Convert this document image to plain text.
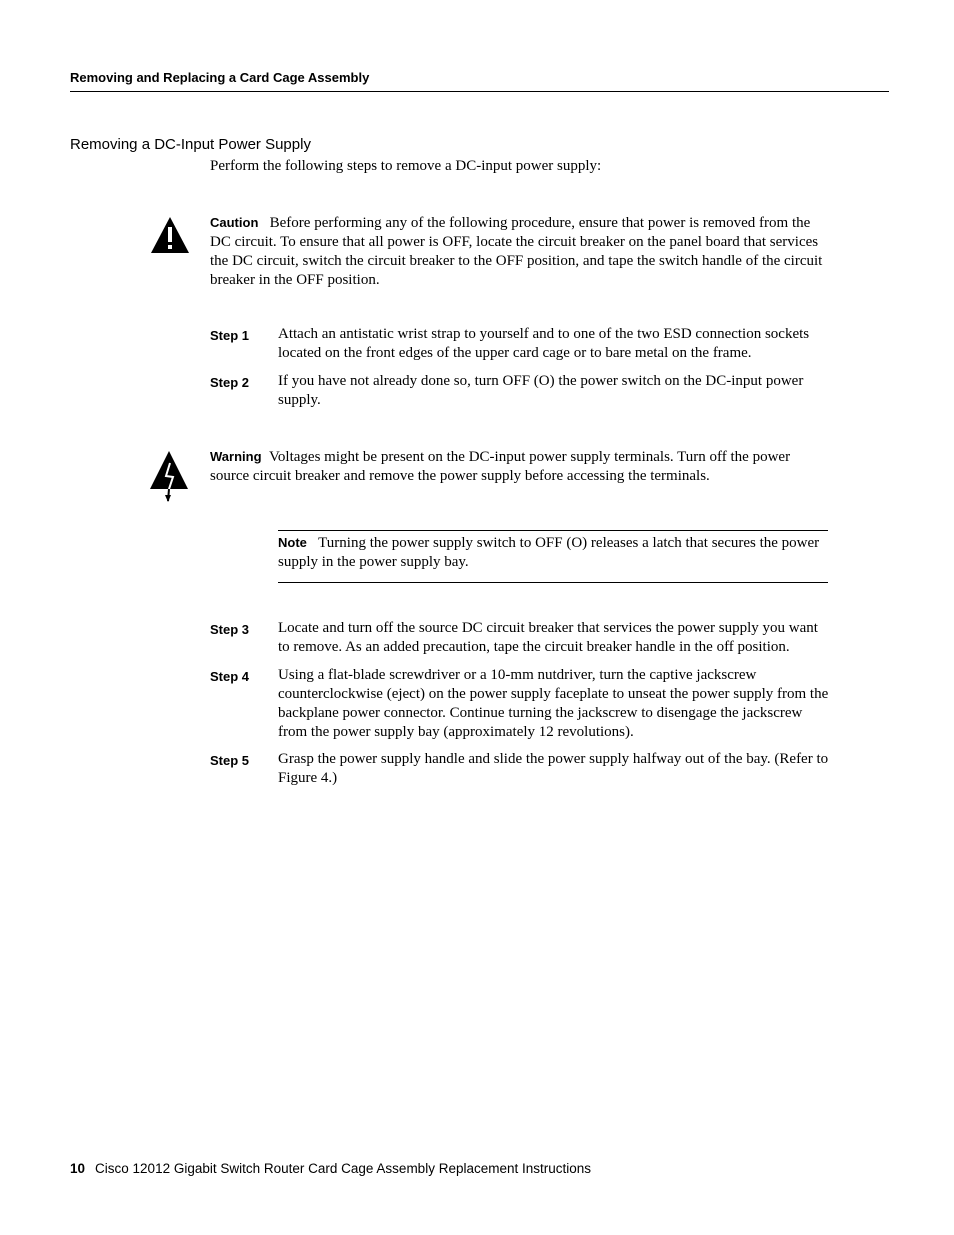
Removing and Replacing a Card Cage Assembly
Removing a DC-Input Power Supply
Perform the following steps to remove a DC-input power supply:
Caution Before performing any of the following procedure, ensure that power is removed from the DC circuit. To ensure that all power is OFF, locate the circuit breaker on the panel board that services the DC circuit, switch the circuit breaker to the OFF position, and tape the switch handle of the circuit breaker in the OFF position.
Step 1 Attach an antistatic wrist strap to yourself and to one of the two ESD connection sockets located on the front edges of the upper card cage or to bare metal on the frame.
Step 2 If you have not already done so, turn OFF (O) the power switch on the DC-input power supply.
Warning Voltages might be present on the DC-input power supply terminals. Turn off the power source circuit breaker and remove the power supply before accessing the terminals.
Note Turning the power supply switch to OFF (O) releases a latch that secures the power supply in the power supply bay.
Step 3 Locate and turn off the source DC circuit breaker that services the power supply you want to remove. As an added precaution, tape the circuit breaker handle in the off position.
Step 4 Using a flat-blade screwdriver or a 10-mm nutdriver, turn the captive jackscrew counterclockwise (eject) on the power supply faceplate to unseat the power supply from the backplane power connector. Continue turning the jackscrew to disengage the jackscrew from the power supply bay (approximately 12 revolutions).
Step 5 Grasp the power supply handle and slide the power supply halfway out of the bay. (Refer to Figure 4.)
10 Cisco 12012 Gigabit Switch Router Card Cage Assembly Replacement Instructions
